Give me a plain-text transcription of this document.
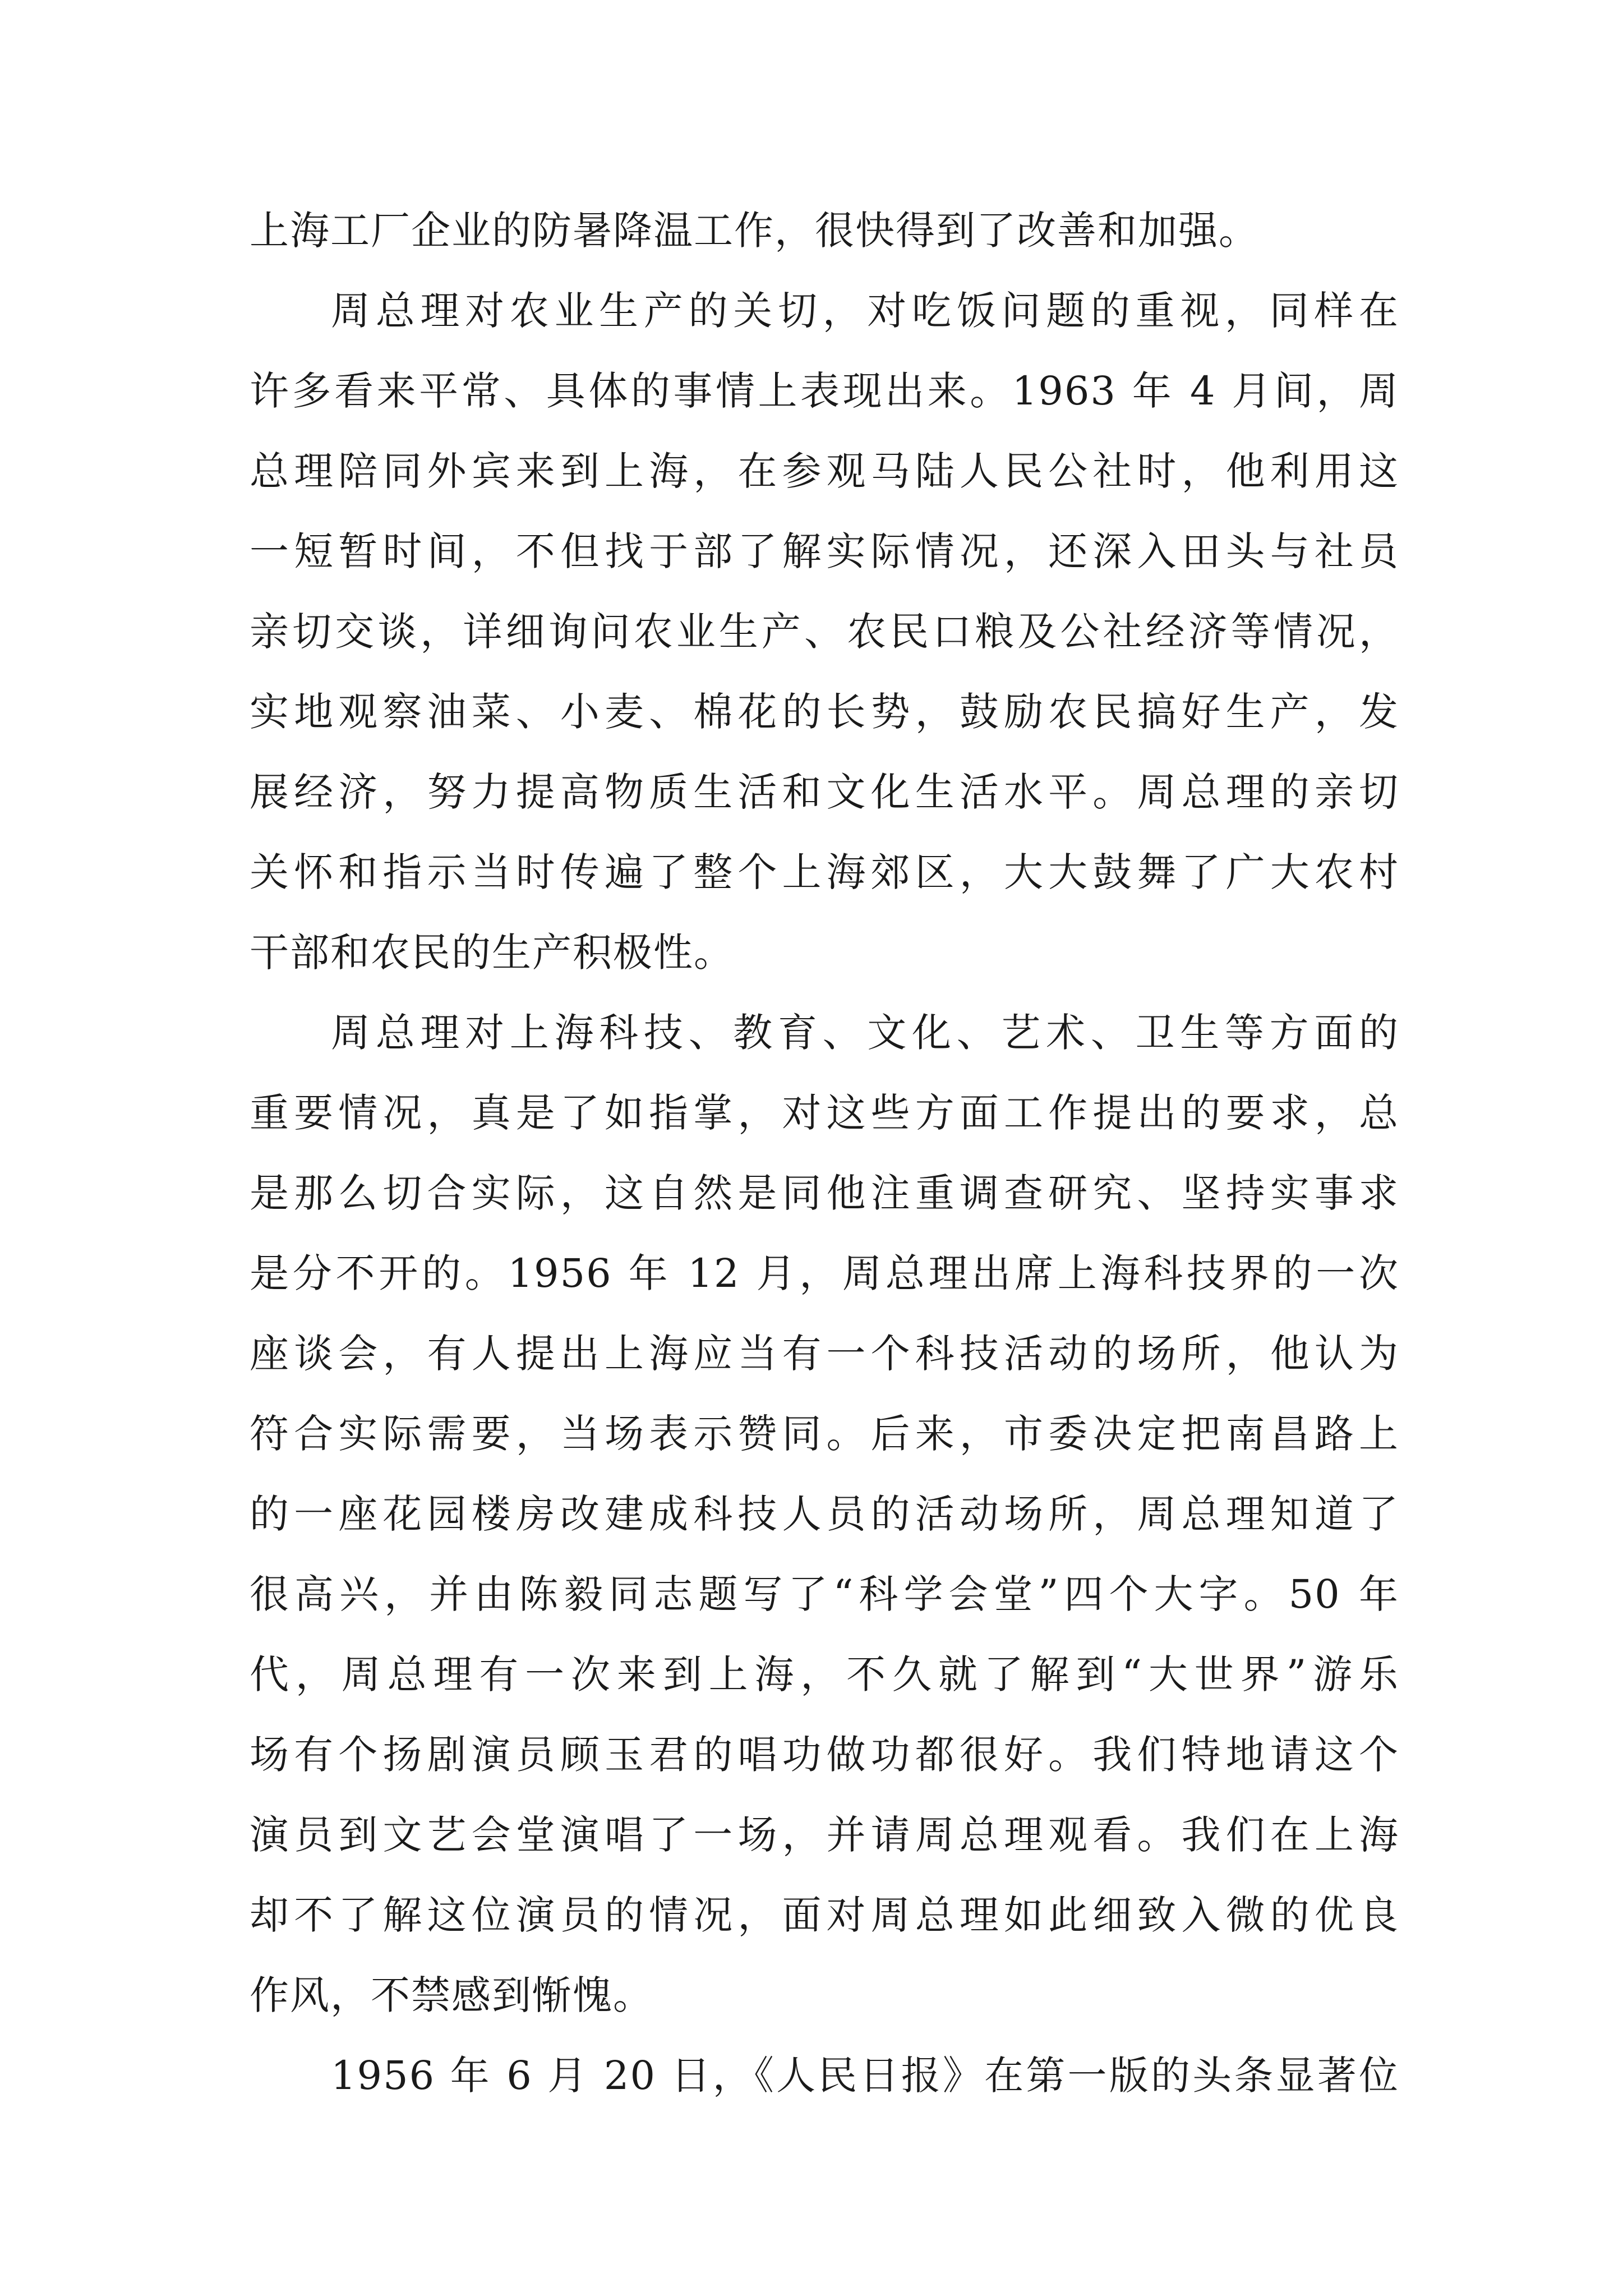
上海工厂企业的防暑降温工作，很快得到了改善和加强。
周总理对农业生产的关切，对吃饭问题的重视，同样在
许多看来平常、具体的事情上表现出来。1963 年 4 月间，周
总理陪同外宾来到上海，在参观马陆人民公社时，他利用这
一短暂时间，不但找于部了解实际情况，还深入田头与社员
亲切交谈，详细询问农业生产、农民口粮及公社经济等情况，
实地观察油菜、小麦、棉花的长势，鼓励农民搞好生产，发
展经济，努力提高物质生活和文化生活水平。周总理的亲切
关怀和指示当时传遍了整个上海郊区，大大鼓舞了广大农村
干部和农民的生产积极性。
周总理对上海科技、教育、文化、艺术、卫生等方面的
重要情况，真是了如指掌，对这些方面工作提出的要求，总
是那么切合实际，这自然是同他注重调查研究、坚持实事求
是分不开的。1956 年 12 月，周总理出席上海科技界的一次
座谈会，有人提出上海应当有一个科技活动的场所，他认为
符合实际需要，当场表示赞同。后来，市委决定把南昌路上
的一座花园楼房改建成科技人员的活动场所，周总理知道了
很高兴，并由陈毅同志题写了“科学会堂”四个大字。50 年
代，周总理有一次来到上海，不久就了解到“大世界”游乐
场有个扬剧演员顾玉君的唱功做功都很好。我们特地请这个
演员到文艺会堂演唱了一场，并请周总理观看。我们在上海
却不了解这位演员的情况，面对周总理如此细致入微的优良
作风，不禁感到惭愧。
1956 年 6 月 20 日，《人民日报》在第一版的头条显著位
